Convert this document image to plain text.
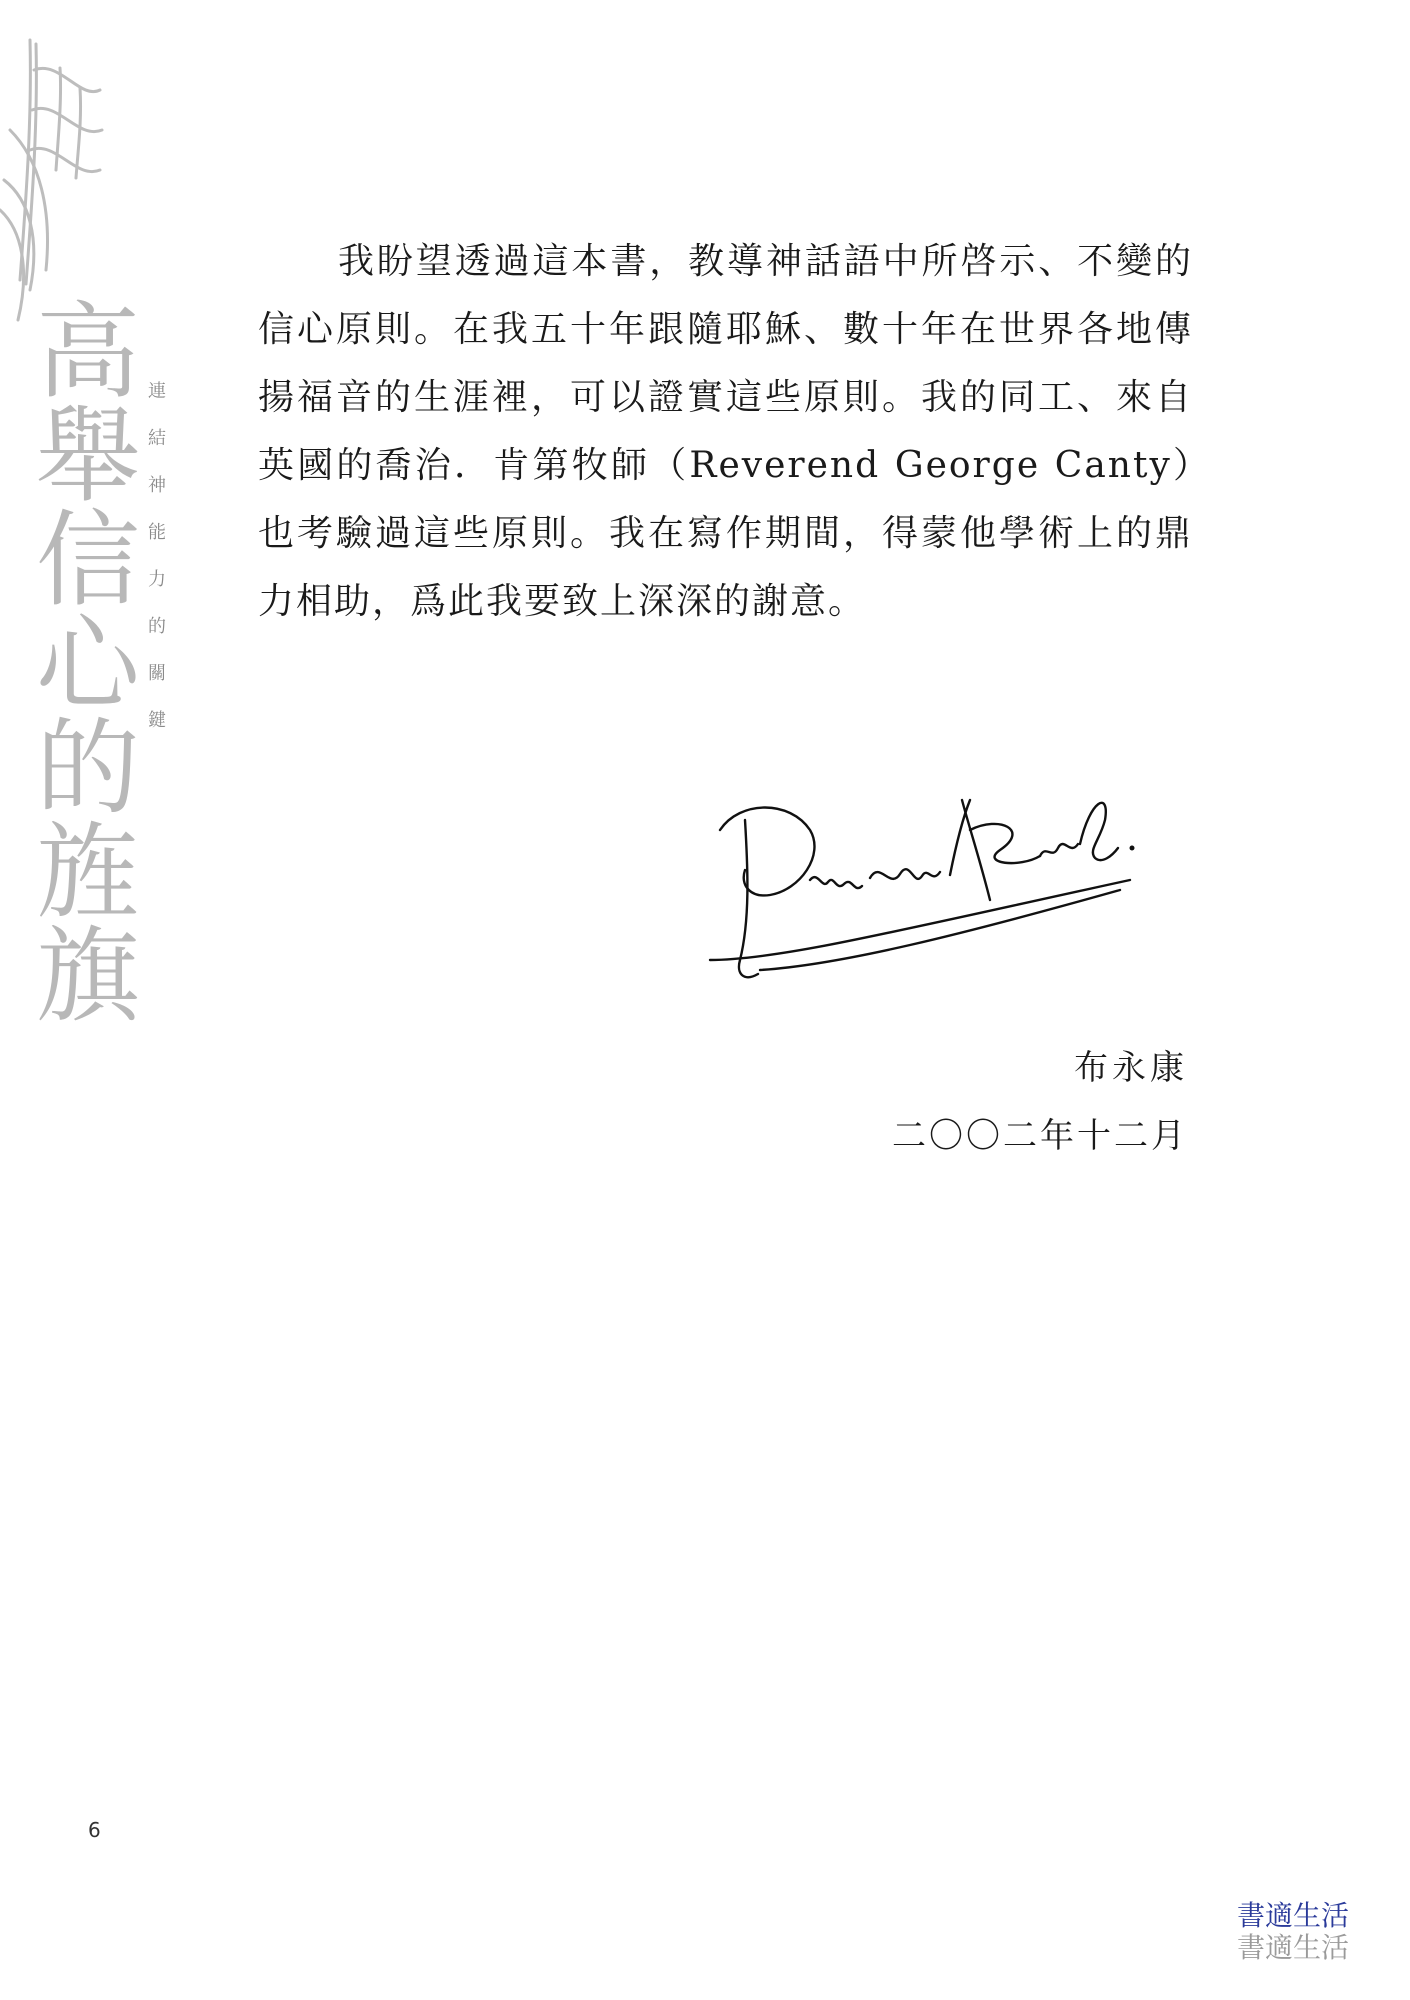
高
舉
信
心
的
旌
旗
連
結
神
能
力
的
關
鍵

我盼望透過這本書，教導神話語中所啓示、不變的信心原則。在我五十年跟隨耶穌、數十年在世界各地傳揚福音的生涯裡，可以證實這些原則。我的同工、來自英國的喬治．肯第牧師（Reverend George Canty）也考驗過這些原則。我在寫作期間，得蒙他學術上的鼎力相助，爲此我要致上深深的謝意。

布永康
二〇〇二年十二月
6
書適生活
書適生活
